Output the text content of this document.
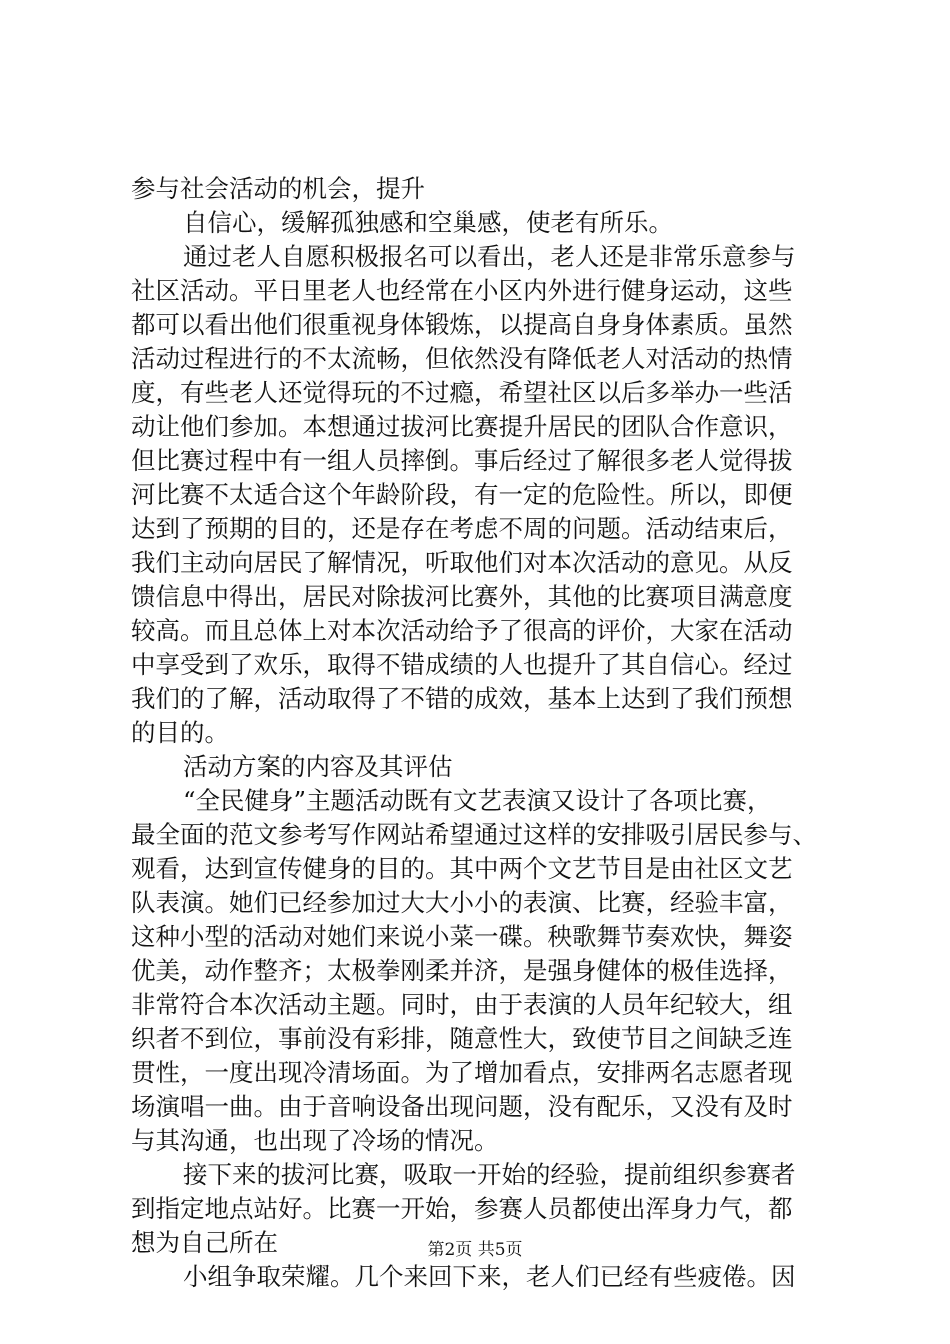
参与社会活动的机会，提升
自信心，缓解孤独感和空巢感，使老有所乐。
通过老人自愿积极报名可以看出，老人还是非常乐意参与
社区活动。平日里老人也经常在小区内外进行健身运动，这些
都可以看出他们很重视身体锻炼，以提高自身身体素质。虽然
活动过程进行的不太流畅，但依然没有降低老人对活动的热情
度，有些老人还觉得玩的不过瘾，希望社区以后多举办一些活
动让他们参加。本想通过拔河比赛提升居民的团队合作意识，
但比赛过程中有一组人员摔倒。事后经过了解很多老人觉得拔
河比赛不太适合这个年龄阶段，有一定的危险性。所以，即便
达到了预期的目的，还是存在考虑不周的问题。活动结束后，
我们主动向居民了解情况，听取他们对本次活动的意见。从反
馈信息中得出，居民对除拔河比赛外，其他的比赛项目满意度
较高。而且总体上对本次活动给予了很高的评价，大家在活动
中享受到了欢乐，取得不错成绩的人也提升了其自信心。经过
我们的了解，活动取得了不错的成效，基本上达到了我们预想
的目的。
活动方案的内容及其评估
“全民健身”主题活动既有文艺表演又设计了各项比赛，
最全面的范文参考写作网站希望通过这样的安排吸引居民参与、
观看，达到宣传健身的目的。其中两个文艺节目是由社区文艺
队表演。她们已经参加过大大小小的表演、比赛，经验丰富，
这种小型的活动对她们来说小菜一碟。秧歌舞节奏欢快，舞姿
优美，动作整齐；太极拳刚柔并济，是强身健体的极佳选择，
非常符合本次活动主题。同时，由于表演的人员年纪较大，组
织者不到位，事前没有彩排，随意性大，致使节目之间缺乏连
贯性，一度出现冷清场面。为了增加看点，安排两名志愿者现
场演唱一曲。由于音响设备出现问题，没有配乐，又没有及时
与其沟通，也出现了冷场的情况。
接下来的拔河比赛，吸取一开始的经验，提前组织参赛者
到指定地点站好。比赛一开始，参赛人员都使出浑身力气，都
想为自己所在
小组争取荣耀。几个来回下来，老人们已经有些疲倦。因
第2页 共5页
